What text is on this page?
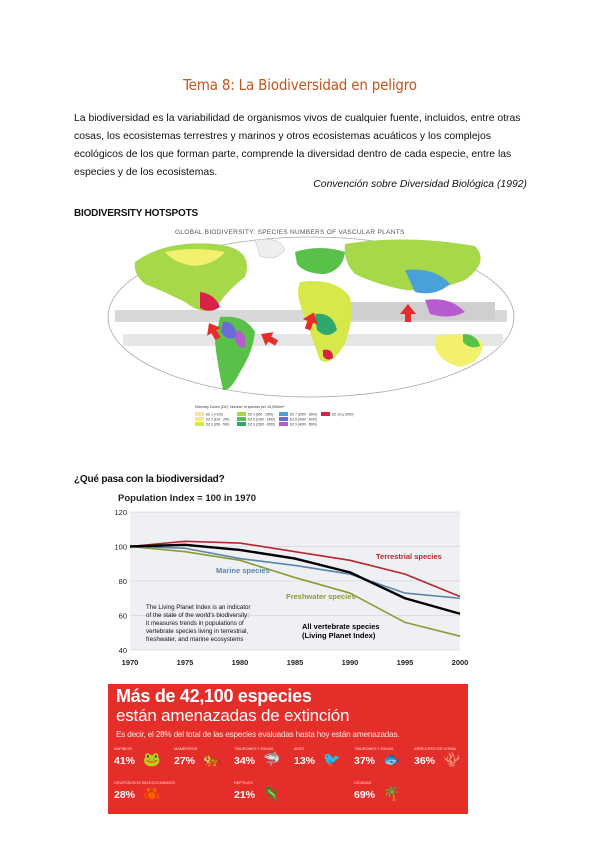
Tema 8: La Biodiversidad en peligro
La biodiversidad es la variabilidad de organismos vivos de cualquier fuente, incluidos, entre otras cosas, los ecosistemas terrestres y marinos y otros ecosistemas acuáticos y los complejos ecológicos de los que forman parte, comprende la diversidad dentro de cada especie, entre las especies y de los ecosistemas.
Convención sobre Diversidad Biológica (1992)
BIODIVERSITY HOTSPOTS
GLOBAL BIODIVERSITY: SPECIES NUMBERS OF VASCULAR PLANTS
Diversity Zones (DZ): Number of species per 10,000km²
DZ 1 (<100)
DZ 2 (100 - 200)
DZ 3 (200 - 500)
DZ 4 (500 - 1000)
DZ 5 (1000 - 1500)
DZ 6 (1500 - 2000)
DZ 7 (2000 - 3000)
DZ 8 (3000 - 4000)
DZ 9 (4000 - 5000)
DZ 10 (≥ 5000)
¿Qué pasa con la biodiversidad?
Population Index = 100 in 1970
40
60
80
100
120
1970	1975	1980	1985	1990	1995	2000
Terrestrial species
Marine species
Freshwater species
All vertebrate species
(Living Planet Index)
The Living Planet Index is an indicator
of the state of the world's biodiversity:
it measures trends in populations of
vertebrate species living in terrestrial,
freshwater, and marine ecosystems
Más de 42,100 especies
están amenazadas de extinción
Es decir, el 28% del total de las especies evaluadas hasta hoy están amenazadas.
ANFIBIOS
41% 🐸
MAMÍFEROS
27% 🐅
TIBURONES Y RAYAS
34% 🦈
AVES
13% 🐦
TIBURONES Y RAYAS
37% 🐟
ARRECIFES DE CORAL
36% 🪸
CRUSTÁCEOS SELECCIONADOS
28% 🦀
REPTILES
21% 🦎
CÍCADAS
69% 🌴
